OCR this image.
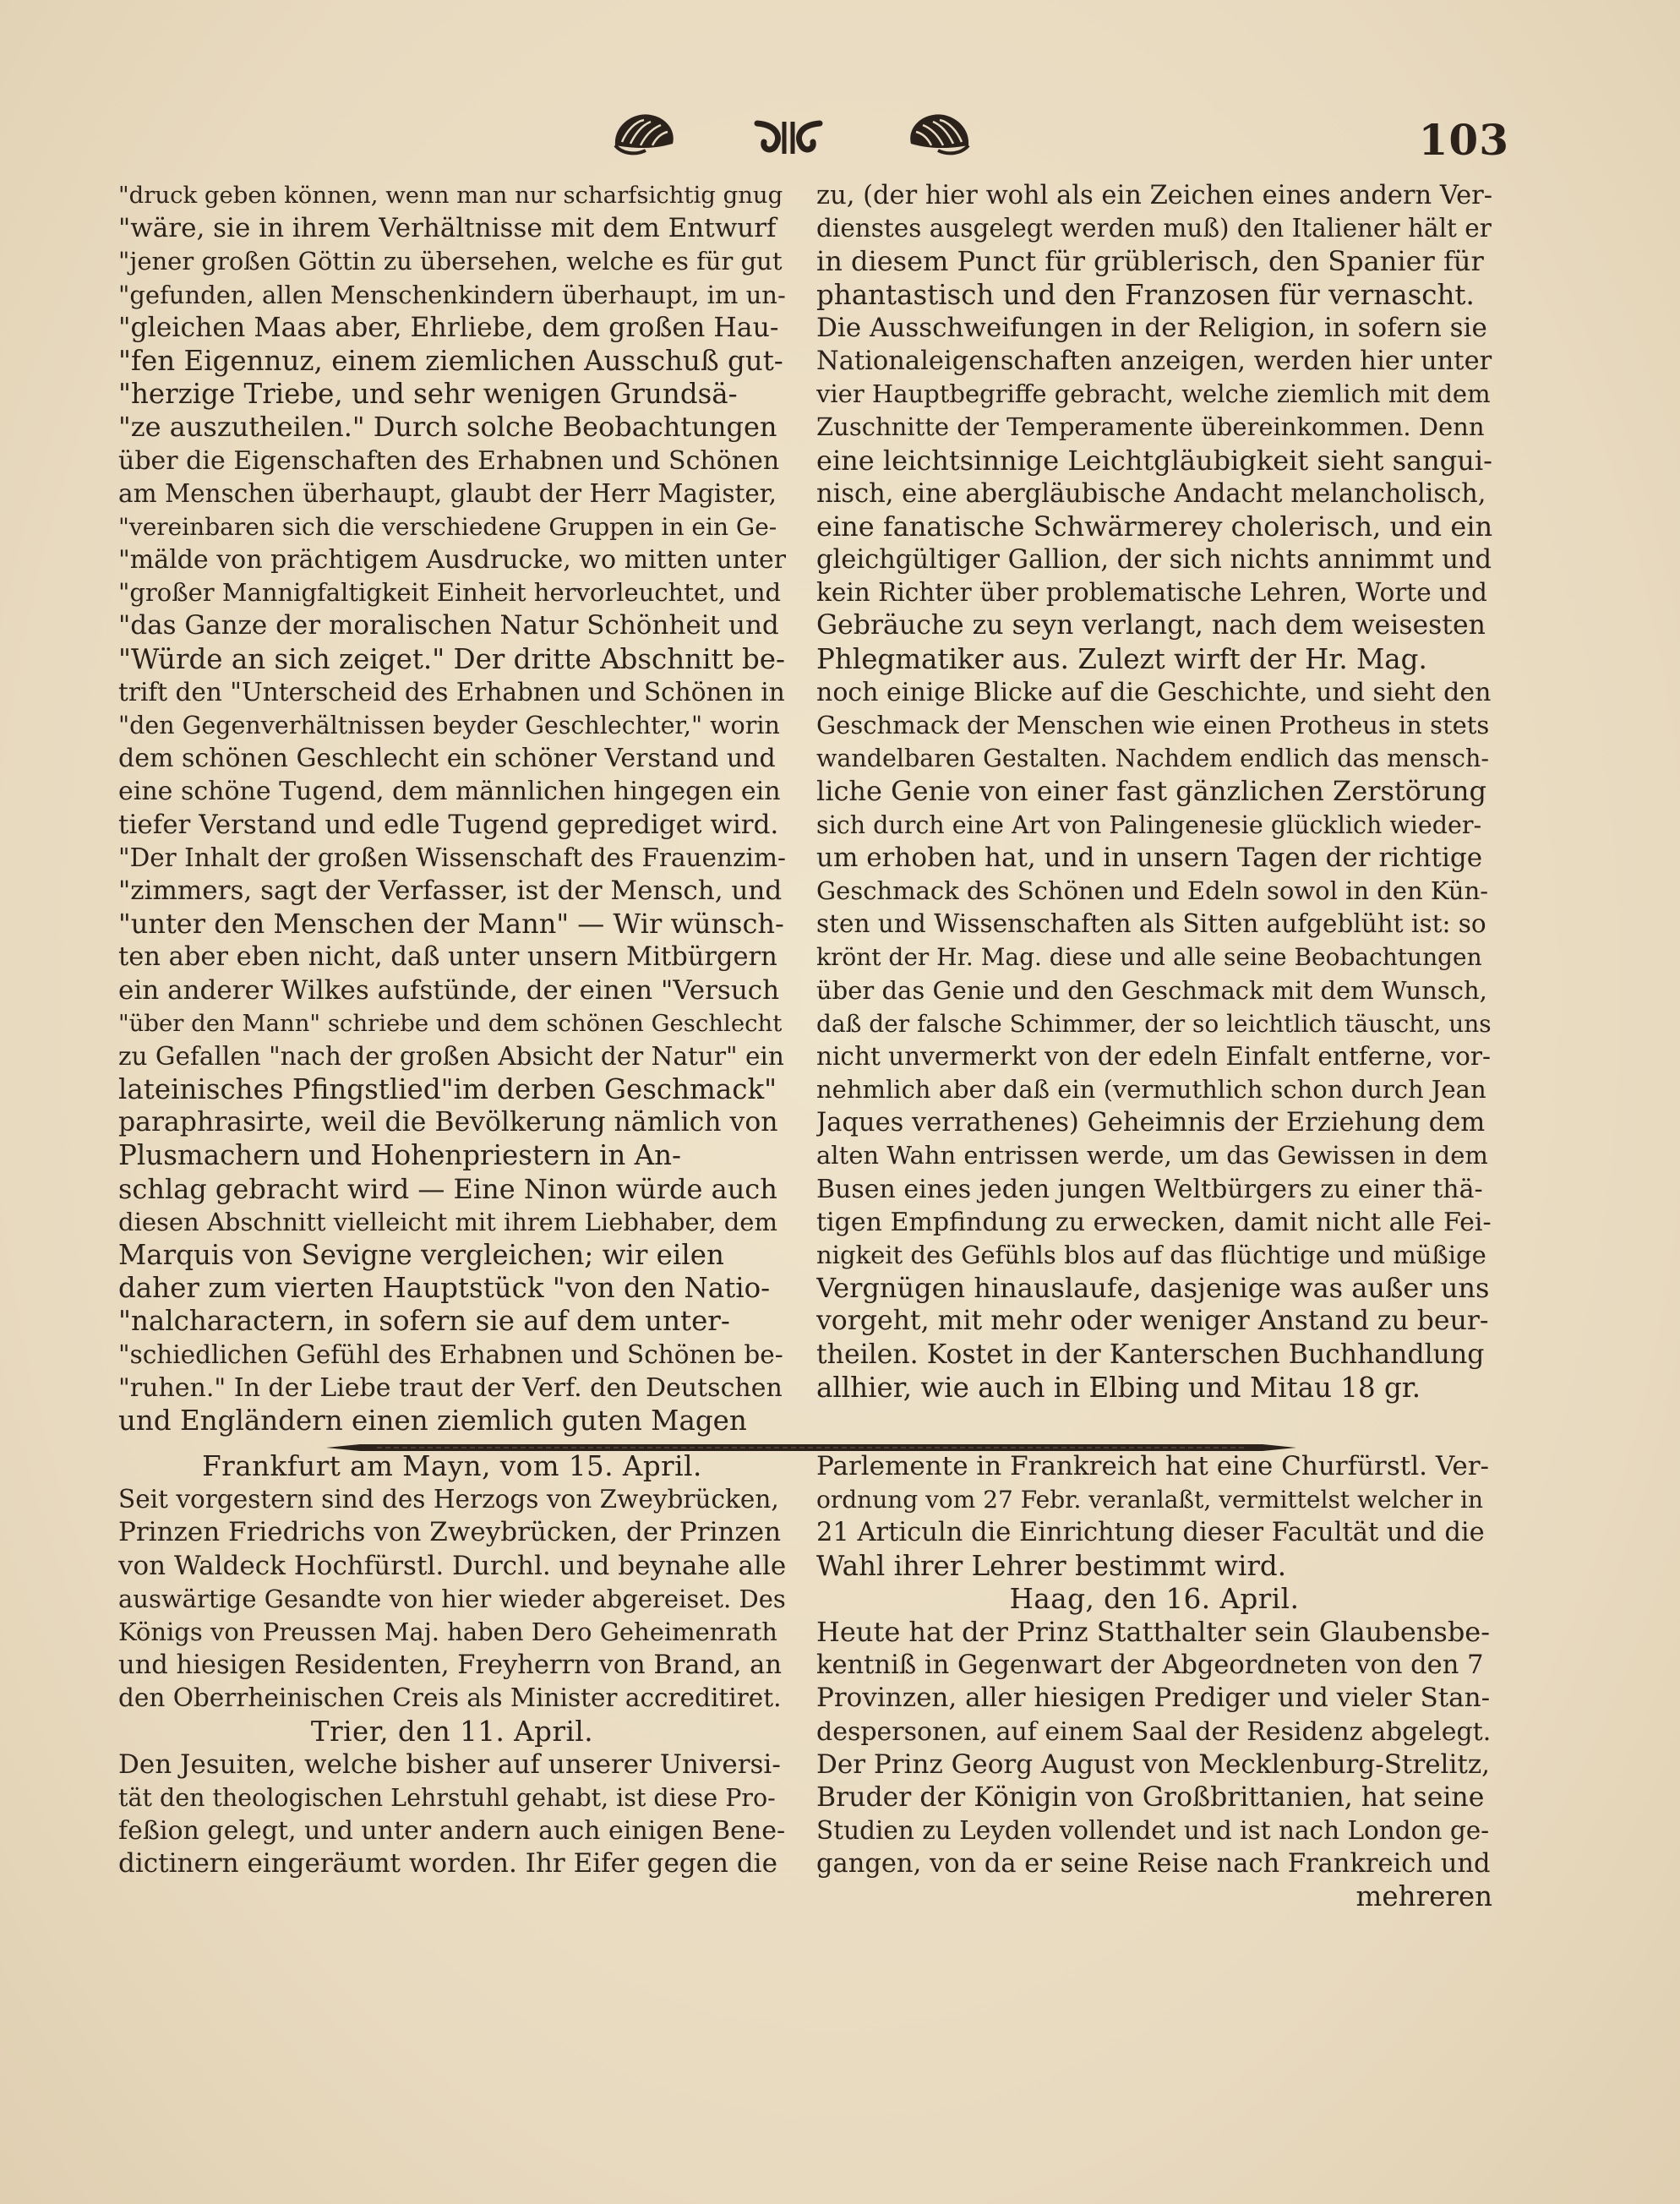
103
"druck geben können, wenn man nur scharfsichtig gnug
"wäre, sie in ihrem Verhältnisse mit dem Entwurf
"jener großen Göttin zu übersehen, welche es für gut
"gefunden, allen Menschenkindern überhaupt, im un-
"gleichen Maas aber, Ehrliebe, dem großen Hau-
"fen Eigennuz, einem ziemlichen Ausschuß gut-
"herzige Triebe, und sehr wenigen Grundsä-
"ze auszutheilen." Durch solche Beobachtungen
über die Eigenschaften des Erhabnen und Schönen
am Menschen überhaupt, glaubt der Herr Magister,
"vereinbaren sich die verschiedene Gruppen in ein Ge-
"mälde von prächtigem Ausdrucke, wo mitten unter
"großer Mannigfaltigkeit Einheit hervorleuchtet, und
"das Ganze der moralischen Natur Schönheit und
"Würde an sich zeiget." Der dritte Abschnitt be-
trift den "Unterscheid des Erhabnen und Schönen in
"den Gegenverhältnissen beyder Geschlechter," worin
dem schönen Geschlecht ein schöner Verstand und
eine schöne Tugend, dem männlichen hingegen ein
tiefer Verstand und edle Tugend geprediget wird.
"Der Inhalt der großen Wissenschaft des Frauenzim-
"zimmers, sagt der Verfasser, ist der Mensch, und
"unter den Menschen der Mann" — Wir wünsch-
ten aber eben nicht, daß unter unsern Mitbürgern
ein anderer Wilkes aufstünde, der einen "Versuch
"über den Mann" schriebe und dem schönen Geschlecht
zu Gefallen "nach der großen Absicht der Natur" ein
lateinisches Pfingstlied"im derben Geschmack"
paraphrasirte, weil die Bevölkerung nämlich von
Plusmachern und Hohenpriestern in An-
schlag gebracht wird — Eine Ninon würde auch
diesen Abschnitt vielleicht mit ihrem Liebhaber, dem
Marquis von Sevigne vergleichen; wir eilen
daher zum vierten Hauptstück "von den Natio-
"nalcharactern, in sofern sie auf dem unter-
"schiedlichen Gefühl des Erhabnen und Schönen be-
"ruhen." In der Liebe traut der Verf. den Deutschen
und Engländern einen ziemlich guten Magen
zu, (der hier wohl als ein Zeichen eines andern Ver-
dienstes ausgelegt werden muß) den Italiener hält er
in diesem Punct für grüblerisch, den Spanier für
phantastisch und den Franzosen für vernascht.
Die Ausschweifungen in der Religion, in sofern sie
Nationaleigenschaften anzeigen, werden hier unter
vier Hauptbegriffe gebracht, welche ziemlich mit dem
Zuschnitte der Temperamente übereinkommen. Denn
eine leichtsinnige Leichtgläubigkeit sieht sangui-
nisch, eine abergläubische Andacht melancholisch,
eine fanatische Schwärmerey cholerisch, und ein
gleichgültiger Gallion, der sich nichts annimmt und
kein Richter über problematische Lehren, Worte und
Gebräuche zu seyn verlangt, nach dem weisesten
Phlegmatiker aus. Zulezt wirft der Hr. Mag.
noch einige Blicke auf die Geschichte, und sieht den
Geschmack der Menschen wie einen Protheus in stets
wandelbaren Gestalten. Nachdem endlich das mensch-
liche Genie von einer fast gänzlichen Zerstörung
sich durch eine Art von Palingenesie glücklich wieder-
um erhoben hat, und in unsern Tagen der richtige
Geschmack des Schönen und Edeln sowol in den Kün-
sten und Wissenschaften als Sitten aufgeblüht ist: so
krönt der Hr. Mag. diese und alle seine Beobachtungen
über das Genie und den Geschmack mit dem Wunsch,
daß der falsche Schimmer, der so leichtlich täuscht, uns
nicht unvermerkt von der edeln Einfalt entferne, vor-
nehmlich aber daß ein (vermuthlich schon durch Jean
Jaques verrathenes) Geheimnis der Erziehung dem
alten Wahn entrissen werde, um das Gewissen in dem
Busen eines jeden jungen Weltbürgers zu einer thä-
tigen Empfindung zu erwecken, damit nicht alle Fei-
nigkeit des Gefühls blos auf das flüchtige und müßige
Vergnügen hinauslaufe, dasjenige was außer uns
vorgeht, mit mehr oder weniger Anstand zu beur-
theilen. Kostet in der Kanterschen Buchhandlung
allhier, wie auch in Elbing und Mitau 18 gr.
Frankfurt am Mayn, vom 15. April.
Seit vorgestern sind des Herzogs von Zweybrücken,
Prinzen Friedrichs von Zweybrücken, der Prinzen
von Waldeck Hochfürstl. Durchl. und beynahe alle
auswärtige Gesandte von hier wieder abgereiset. Des
Königs von Preussen Maj. haben Dero Geheimenrath
und hiesigen Residenten, Freyherrn von Brand, an
den Oberrheinischen Creis als Minister accreditiret.
Trier, den 11. April.
Den Jesuiten, welche bisher auf unserer Universi-
tät den theologischen Lehrstuhl gehabt, ist diese Pro-
feßion gelegt, und unter andern auch einigen Bene-
dictinern eingeräumt worden. Ihr Eifer gegen die
Parlemente in Frankreich hat eine Churfürstl. Ver-
ordnung vom 27 Febr. veranlaßt, vermittelst welcher in
21 Articuln die Einrichtung dieser Facultät und die
Wahl ihrer Lehrer bestimmt wird.
Haag, den 16. April.
Heute hat der Prinz Statthalter sein Glaubensbe-
kentniß in Gegenwart der Abgeordneten von den 7
Provinzen, aller hiesigen Prediger und vieler Stan-
despersonen, auf einem Saal der Residenz abgelegt.
Der Prinz Georg August von Mecklenburg-Strelitz,
Bruder der Königin von Großbrittanien, hat seine
Studien zu Leyden vollendet und ist nach London ge-
gangen, von da er seine Reise nach Frankreich und
mehreren
